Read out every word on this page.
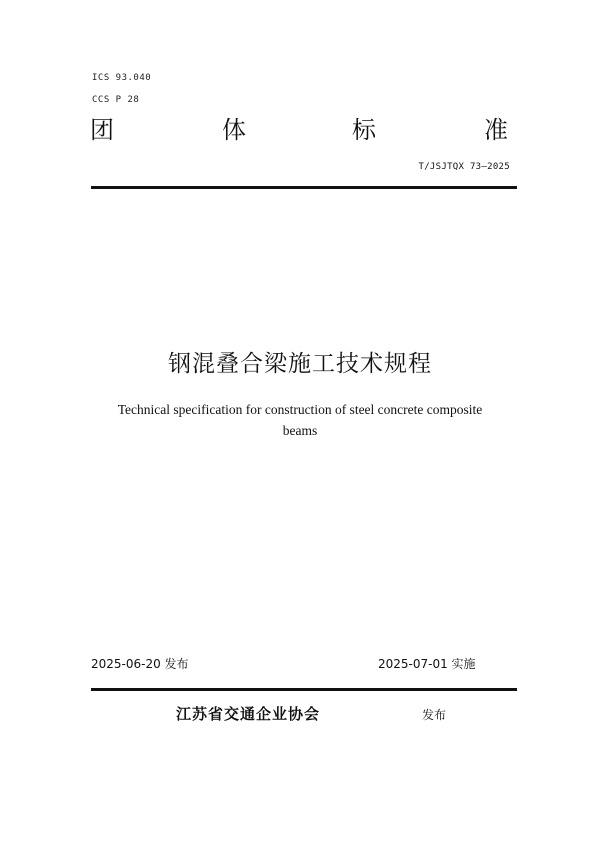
ICS 93.040

CCS P 28

团	体	标	准

T/JSJTQX 73—2025

钢混叠合梁施工技术规程
Technical specification for construction of steel concrete composite
beams

2025-06-20 发布	2025-07-01 实施

江苏省交通企业协会	发布
